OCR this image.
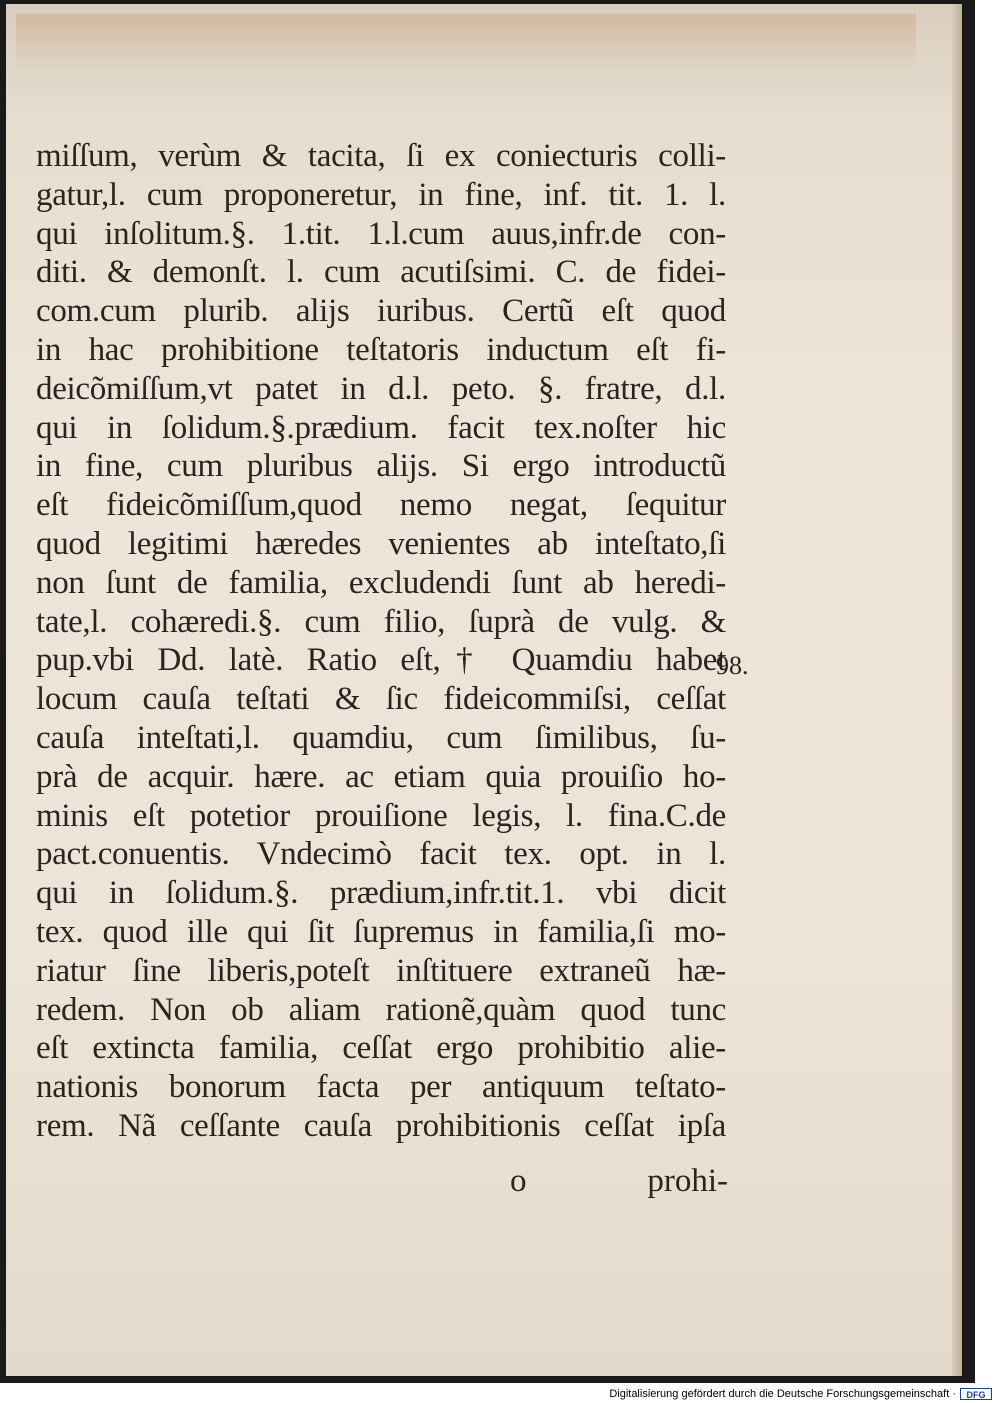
miſſum, verùm & tacita, ſi ex coniecturis colli-
gatur,l. cum proponeretur, in fine, inf. tit. 1. l.
qui inſolitum.§. 1.tit. 1.l.cum auus,infr.de con-
diti. & demonſt. l. cum acutiſsimi. C. de fidei-
com.cum plurib. alijs iuribus. Certũ eſt quod
in hac prohibitione teſtatoris inductum eſt fi-
deicõmiſſum,vt patet in d.l. peto. §. fratre, d.l.
qui in ſolidum.§.prædium. facit tex.noſter hic
in fine, cum pluribus alijs. Si ergo introductũ
eſt fideicõmiſſum,quod nemo negat, ſequitur
quod legitimi hæredes venientes ab inteſtato,ſi
non ſunt de familia, excludendi ſunt ab heredi-
tate,l. cohæredi.§. cum filio, ſuprà de vulg. &
pup.vbi Dd. latè. Ratio eſt,† Quamdiu habet
locum cauſa teſtati & ſic fideicommiſsi, ceſſat
cauſa inteſtati,l. quamdiu, cum ſimilibus, ſu-
prà de acquir. hære. ac etiam quia prouiſio ho-
minis eſt potetior prouiſione legis, l. fina.C.de
pact.conuentis. Vndecimò facit tex. opt. in l.
qui in ſolidum.§. prædium,infr.tit.1. vbi dicit
tex. quod ille qui ſit ſupremus in familia,ſi mo-
riatur ſine liberis,poteſt inſtituere extraneũ hæ-
redem. Non ob aliam rationẽ,quàm quod tunc
eſt extincta familia, ceſſat ergo prohibitio alie-
nationis bonorum facta per antiquum teſtato-
rem. Nã ceſſante cauſa prohibitionis ceſſat ipſa
98.
o	prohi-
Digitalisierung gefördert durch die Deutsche Forschungsgemeinschaft ·	DFG
